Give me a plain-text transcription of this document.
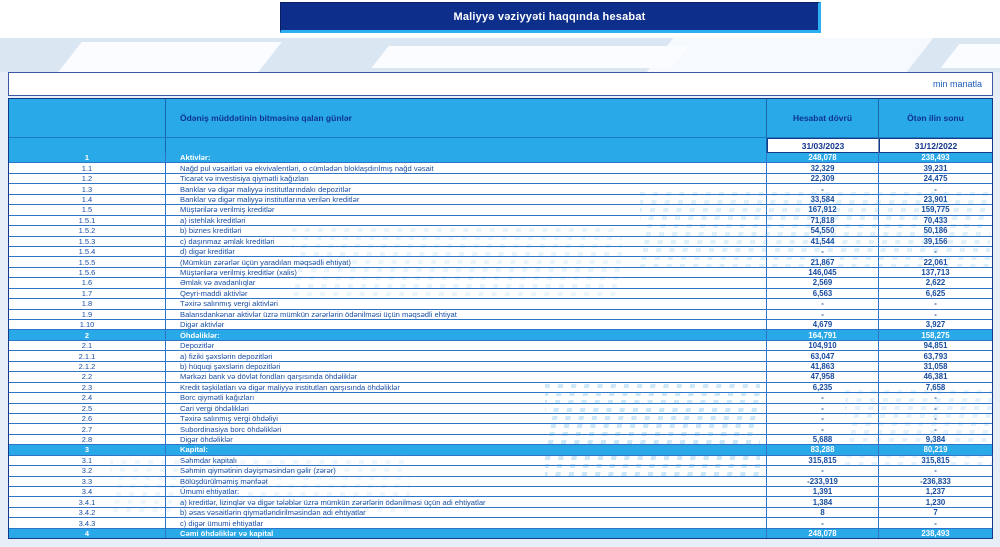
Maliyyə vəziyyəti haqqında hesabat
min manatla
Ödəniş müddətinin bitməsinə qalan günlər	Hesabat dövrü	Ötən ilin sonu
31/03/2023	31/12/2022
1	Aktivlər:	248,078	238,493
1.1	Nağd pul vəsaitləri və ekvivalentləri, o cümlədən bloklaşdırılmış nağd vəsait	32,329	39,231
1.2	Ticarət və investisiya qiymətli kağızları	22,309	24,475
1.3	Banklar və digər maliyyə institutlarındakı depozitlər	-	-
1.4	Banklar və digər maliyyə institutlarına verilən kreditlər	33,584	23,901
1.5	Müştərilərə verilmiş kreditlər	167,912	159,775
1.5.1	a) istehlak kreditləri	71,818	70,433
1.5.2	b) biznes kreditləri	54,550	50,186
1.5.3	c) daşınmaz əmlak kreditləri	41,544	39,156
1.5.4	d) digər kreditlər	-	-
1.5.5	(Mümkün zərərlər üçün yaradılan məqsədli ehtiyat)	21,867	22,061
1.5.6	Müştərilərə verilmiş kreditlər (xalis)	146,045	137,713
1.6	Əmlak və avadanlıqlar	2,569	2,622
1.7	Qeyri-maddi aktivlər	6,563	6,625
1.8	Təxirə salınmış vergi aktivləri	-	-
1.9	Balansdankənar aktivlər üzrə mümkün zərərlərin ödənilməsi üçün məqsədli ehtiyat	-	-
1.10	Digər aktivlər	4,679	3,927
2	Öhdəliklər:	164,791	158,275
2.1	Depozitlər	104,910	94,851
2.1.1	a) fiziki şəxslərin depozitləri	63,047	63,793
2.1.2	b) hüquqi şəxslərin depozitləri	41,863	31,058
2.2	Mərkəzi bank və dövlət fondları qarşısında öhdəliklər	47,958	46,381
2.3	Kredit təşkilatları və digər maliyyə institutları qarşısında öhdəliklər	6,235	7,658
2.4	Borc qiymətli kağızları	-	-
2.5	Cari vergi öhdəlikləri	-	-
2.6	Təxirə salınmış vergi öhdəliyi	-	-
2.7	Subordinasiya borc öhdəlikləri	-	-
2.8	Digər öhdəliklər	5,688	9,384
3	Kapital:	83,288	80,219
3.1	Səhmdar kapitalı	315,815	315,815
3.2	Səhmin qiymətinin dəyişməsindən gəlir (zərər)	-	-
3.3	Bölüşdürülməmiş mənfəət	-233,919	-236,833
3.4	Ümumi ehtiyatlar:	1,391	1,237
3.4.1	a) kreditlər, lizinqlər və digər tələblər üzrə mümkün zərərlərin ödənilməsi üçün adi ehtiyatlar	1,384	1,230
3.4.2	b) əsas vəsaitlərin qiymətləndirilməsindən adi ehtiyatlar	8	7
3.4.3	c) digər ümumi ehtiyatlar	-	-
4	Cəmi öhdəliklər və kapital	248,078	238,493
